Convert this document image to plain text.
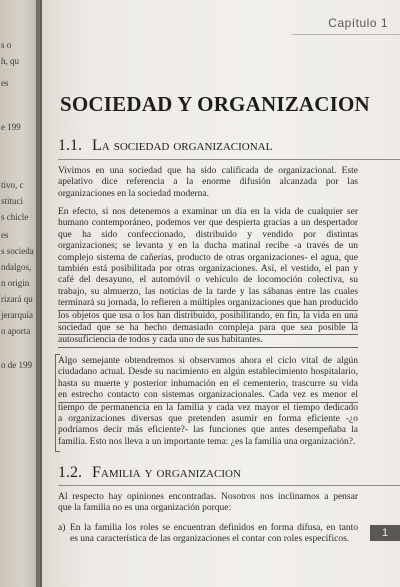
s o
h, qu
es
e 199
tivo, c
stituci
s chicle
es
s socieda
ndalgos,
n origin
rizará qu
jerarquía
o aporta
o de 199
Capítulo 1
SOCIEDAD Y ORGANIZACION
1.1. La sociedad organizacional
Vivimos en una sociedad que ha sido calificada de organizacional. Este
apelativo dice referencia a la enorme difusión alcanzada por las
organizaciones en la sociedad moderna.
En efecto, si nos detenemos a examinar un día en la vida de cualquier ser
humano contemporáneo, podemos ver que despierta gracias a un despertador
que ha sido confeccionado, distribuido y vendido por distintas
organizaciones; se levanta y en la ducha matinal recibe -a través de un
complejo sistema de cañerías, producto de otras organizaciones- el agua, que
también está posibilitada por otras organizaciones. Así, el vestido, el pan y
café del desayuno, el automóvil o vehículo de locomoción colectiva, su
trabajo, su almuerzo, las noticias de la tarde y las sábanas entre las cuales
terminará su jornada, lo refieren a múltiples organizaciones que han producido
los objetos que usa o los han distribuido, posibilitando, en fin, la vida en una
sociedad que se ha hecho demasiado compleja para que sea posible la
autosuficiencia de todos y cada uno de sus habitantes.
Algo semejante obtendremos si observamos ahora el ciclo vital de algún
ciudadano actual. Desde su nacimiento en algún establecimiento hospitalario,
hasta su muerte y posterior inhumación en el cementerio, trascurre su vida
en estrecho contacto con sistemas organizacionales. Cada vez es menor el
tiempo de permanencia en la familia y cada vez mayor el tiempo dedicado
a organizaciones diversas que pretenden asumir en forma eficiente -¿o
podríamos decir más eficiente?- las funciones que antes desempeñaba la
familia. Esto nos lleva a un importante tema: ¿es la familia una organización?.
1.2. Familia y organizacion
Al respecto hay opiniones encontradas. Nosotros nos inclinamos a pensar
que la familia no es una organización porque:
a) En la familia los roles se encuentran definidos en forma difusa, en tanto
es una característica de las organizaciones el contar con roles específicos.
1
